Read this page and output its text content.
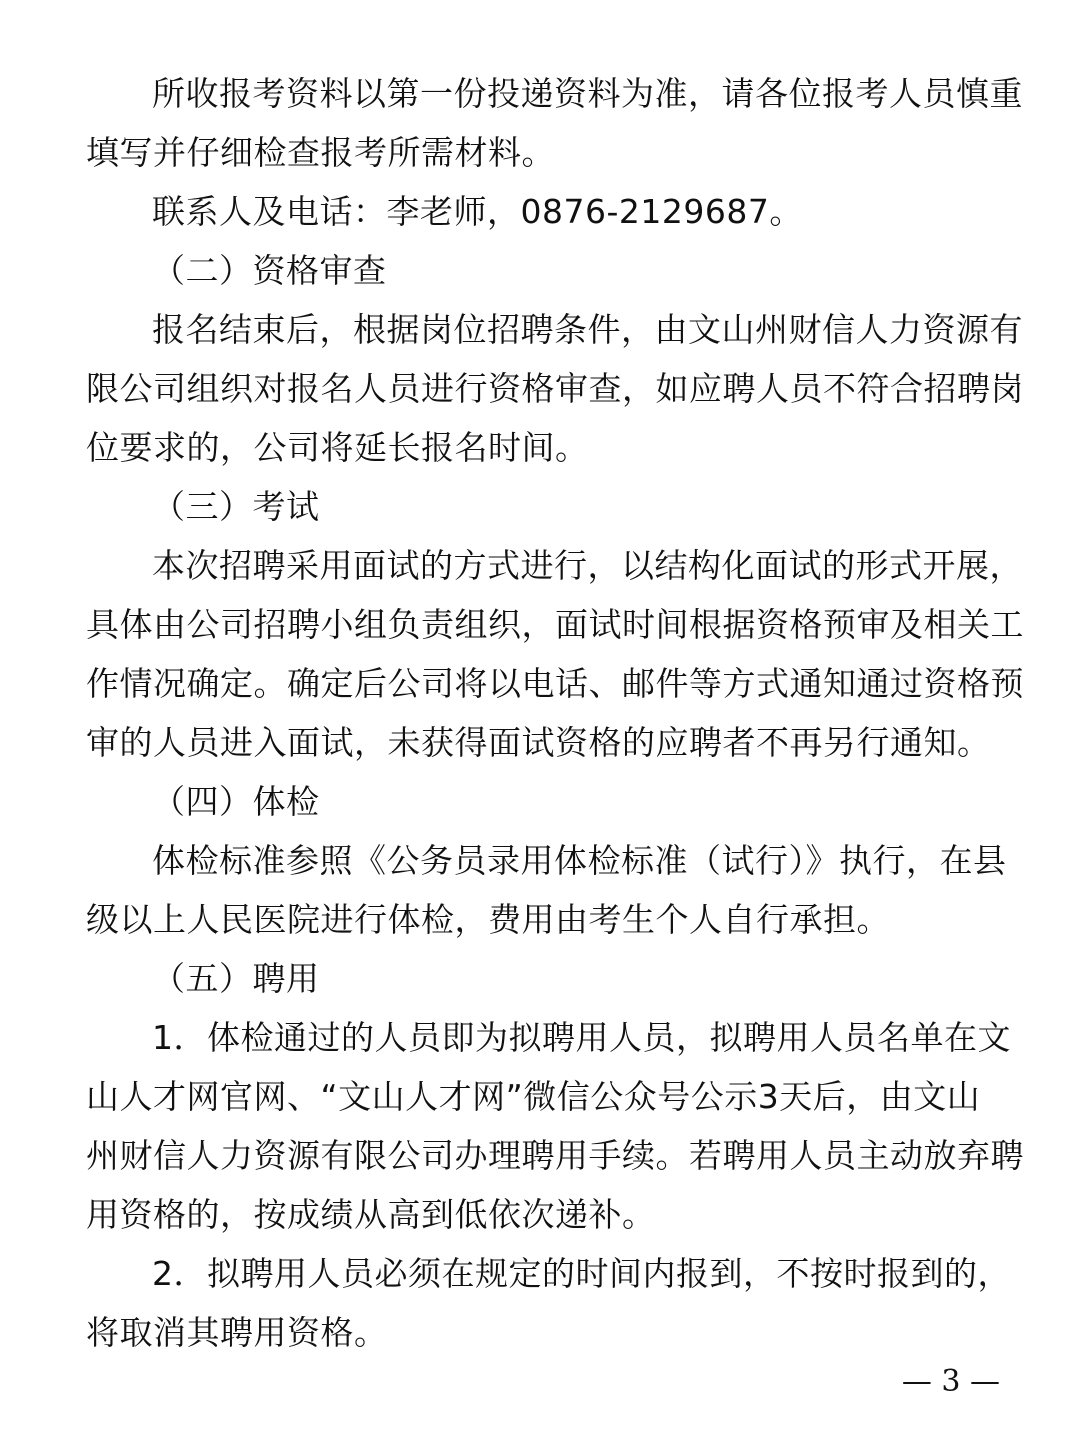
所收报考资料以第一份投递资料为准，请各位报考人员慎重
填写并仔细检查报考所需材料。
联系人及电话：李老师，0876-2129687。
（二）资格审查
报名结束后，根据岗位招聘条件，由文山州财信人力资源有
限公司组织对报名人员进行资格审查，如应聘人员不符合招聘岗
位要求的，公司将延长报名时间。
（三）考试
本次招聘采用面试的方式进行，以结构化面试的形式开展，
具体由公司招聘小组负责组织，面试时间根据资格预审及相关工
作情况确定。确定后公司将以电话、邮件等方式通知通过资格预
审的人员进入面试，未获得面试资格的应聘者不再另行通知。
（四）体检
体检标准参照《公务员录用体检标准（试行）》执行，在县
级以上人民医院进行体检，费用由考生个人自行承担。
（五）聘用
1．体检通过的人员即为拟聘用人员，拟聘用人员名单在文
山人才网官网、“文山人才网”微信公众号公示3天后，由文山
州财信人力资源有限公司办理聘用手续。若聘用人员主动放弃聘
用资格的，按成绩从高到低依次递补。
2．拟聘用人员必须在规定的时间内报到，不按时报到的，
将取消其聘用资格。
— 3 —
